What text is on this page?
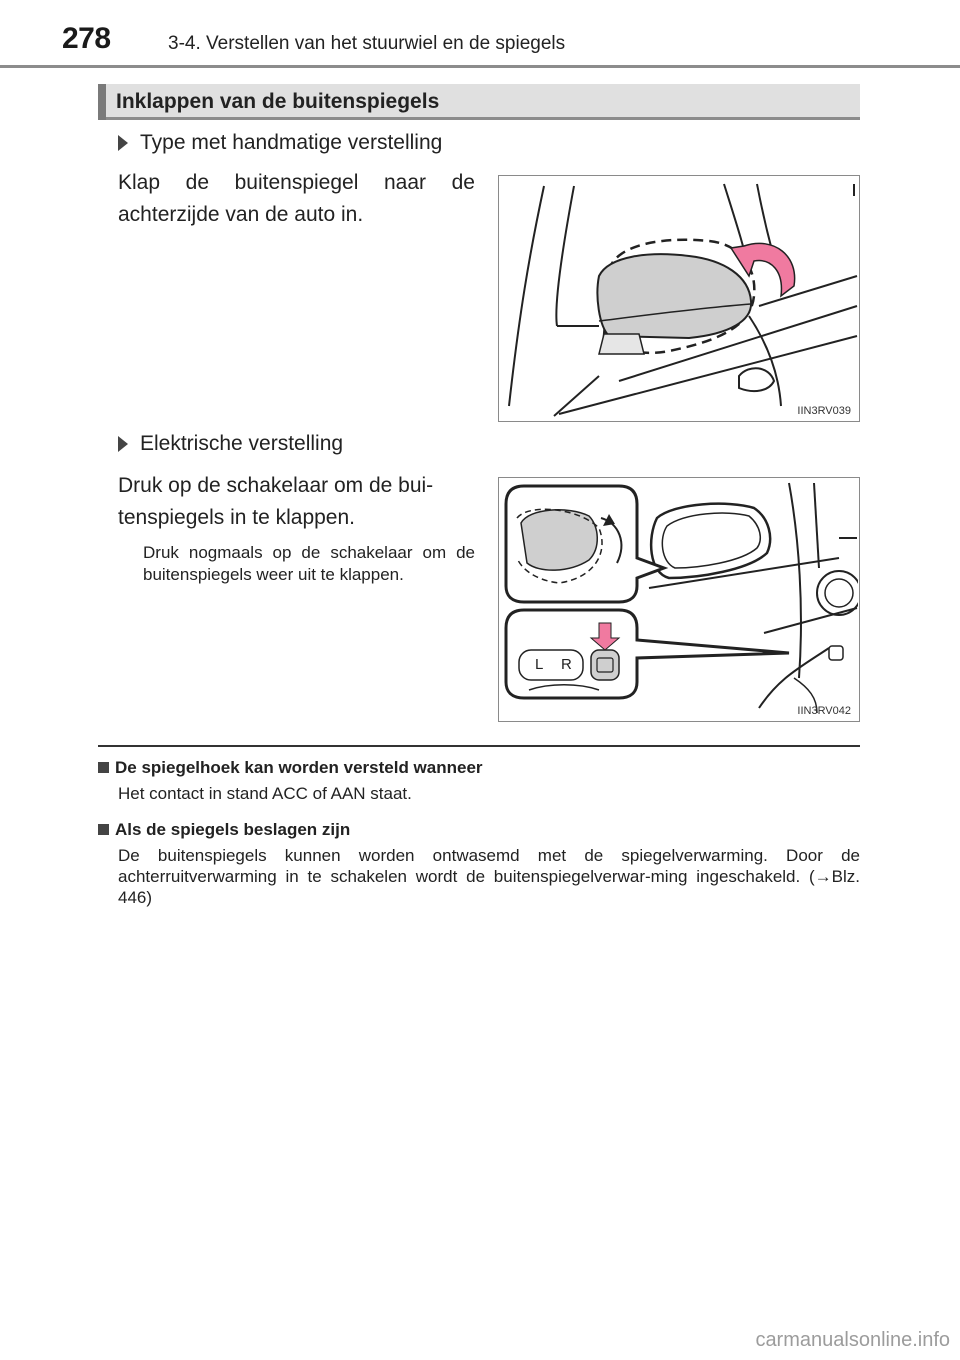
278	3-4. Verstellen van het stuurwiel en de spiegels
Inklappen van de buitenspiegels
Type met handmatige verstelling
Klap de buitenspiegel naar de achterzijde van de auto in.
IIN3RV039
Elektrische verstelling
Druk op de schakelaar om de bui-tenspiegels in te klappen.
Druk nogmaals op de schakelaar om de buitenspiegels weer uit te klappen.
L R
IIN3RV042
De spiegelhoek kan worden versteld wanneer
Het contact in stand ACC of AAN staat.
Als de spiegels beslagen zijn
De buitenspiegels kunnen worden ontwasemd met de spiegelverwarming. Door de achterruitverwarming in te schakelen wordt de buitenspiegelverwar-ming ingeschakeld. (→Blz. 446)
carmanualsonline.info
